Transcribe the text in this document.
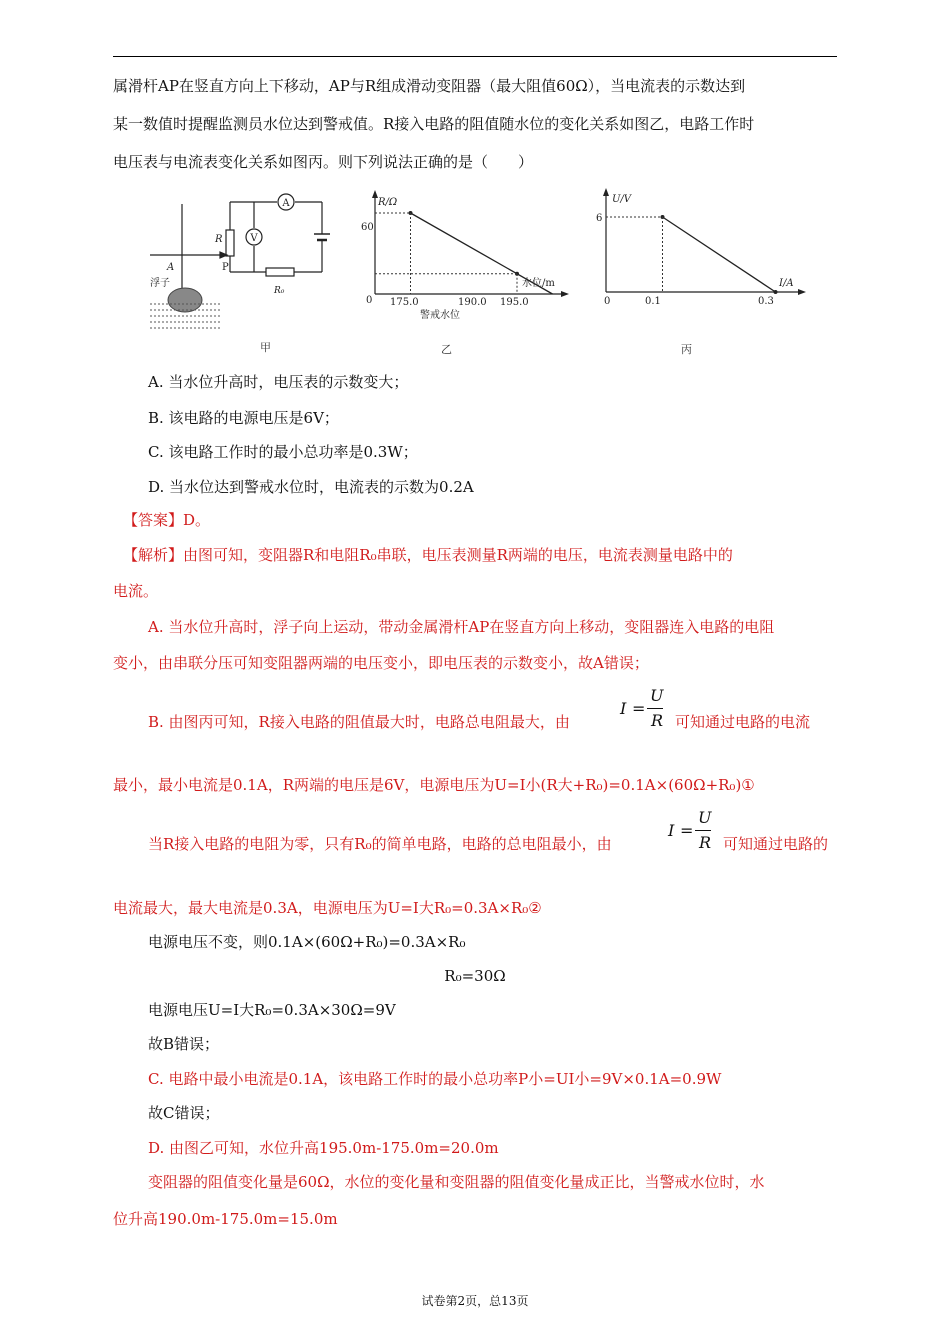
属滑杆AP在竖直方向上下移动，AP与R组成滑动变阻器（最大阻值60Ω），当电流表的示数达到
某一数值时提醒监测员水位达到警戒值。R接入电路的阻值随水位的变化关系如图乙，电路工作时
电压表与电流表变化关系如图丙。则下列说法正确的是（　　）
A
V
R
P
A
浮子
R₀
甲
R/Ω
60
0 175.0	190.0 195.0
水位/m
警戒水位
乙
U/V
6
0	0.1	0.3
I/A
丙
A. 当水位升高时，电压表的示数变大；
B. 该电路的电源电压是6V；
C. 该电路工作时的最小总功率是0.3W；
D. 当水位达到警戒水位时，电流表的示数为0.2A
【答案】D。
【解析】由图可知，变阻器R和电阻R₀串联，电压表测量R两端的电压，电流表测量电路中的
电流。
A. 当水位升高时，浮子向上运动，带动金属滑杆AP在竖直方向上移动，变阻器连入电路的电阻
变小，由串联分压可知变阻器两端的电压变小，即电压表的示数变小，故A错误；
B. 由图丙可知，R接入电路的阻值最大时，电路总电阻最大，由
I =
U
R 可知通过电路的电流
最小，最小电流是0.1A，R两端的电压是6V，电源电压为U=I小(R大+R₀)=0.1A×(60Ω+R₀)①
当R接入电路的电阻为零，只有R₀的简单电路，电路的总电阻最小，由
I =
U
R 可知通过电路的
电流最大，最大电流是0.3A，电源电压为U=I大R₀=0.3A×R₀②
电源电压不变，则0.1A×(60Ω+R₀)=0.3A×R₀
R₀=30Ω
电源电压U=I大R₀=0.3A×30Ω=9V
故B错误；
C. 电路中最小电流是0.1A，该电路工作时的最小总功率P小=UI小=9V×0.1A=0.9W
故C错误；
D. 由图乙可知，水位升高195.0m-175.0m=20.0m
变阻器的阻值变化量是60Ω，水位的变化量和变阻器的阻值变化量成正比，当警戒水位时，水
位升高190.0m-175.0m=15.0m
试卷第2页，总13页
